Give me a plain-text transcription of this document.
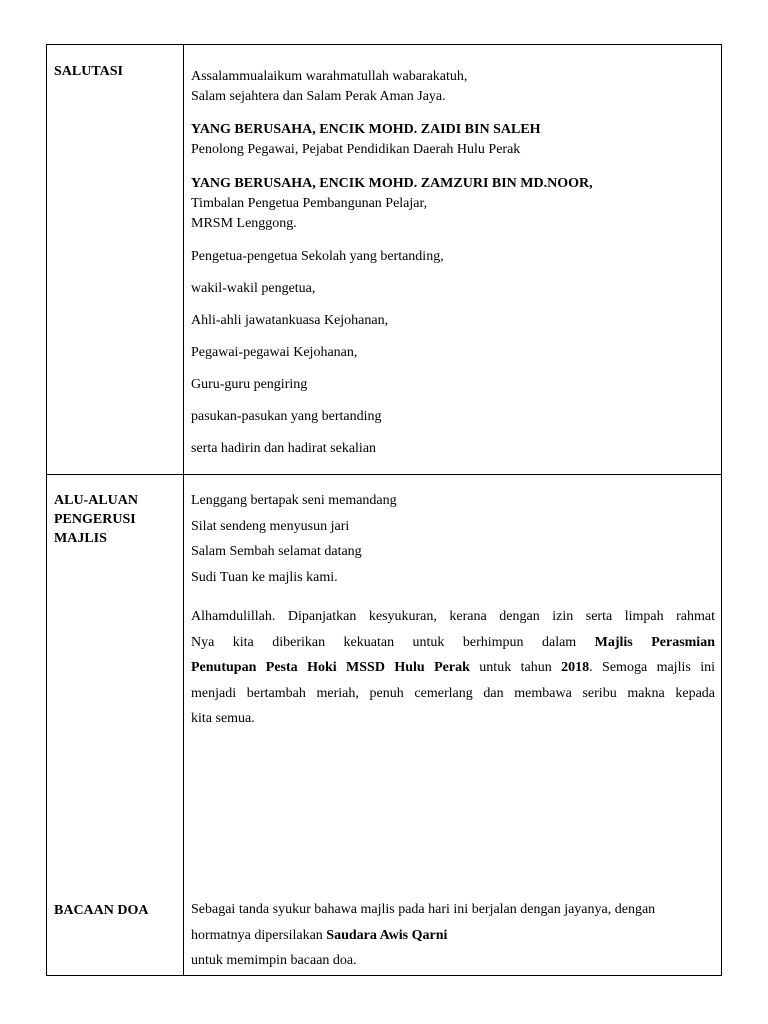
SALUTASI	Assalammualaikum warahmatullah wabarakatuh,

Salam sejahtera dan Salam Perak Aman Jaya.

YANG BERUSAHA, ENCIK MOHD. ZAIDI BIN SALEH

Penolong Pegawai, Pejabat Pendidikan Daerah Hulu Perak

YANG BERUSAHA, ENCIK MOHD. ZAMZURI BIN MD.NOOR,

Timbalan Pengetua Pembangunan Pelajar,

MRSM Lenggong.

Pengetua-pengetua Sekolah yang bertanding,

wakil-wakil pengetua,

Ahli-ahli jawatankuasa Kejohanan,

Pegawai-pegawai Kejohanan,

Guru-guru pengiring

pasukan-pasukan yang bertanding

serta hadirin dan hadirat sekalian

ALU-ALUAN
PENGERUSI
MAJLIS

Lenggang bertapak seni memandang

Silat sendeng menyusun jari

Salam Sembah selamat datang

Sudi Tuan ke majlis kami.

Alhamdulillah. Dipanjatkan kesyukuran, kerana dengan izin serta limpah rahmat
Nya kita diberikan kekuatan untuk berhimpun dalam Majlis Perasmian
Penutupan Pesta Hoki MSSD Hulu Perak untuk tahun 2018. Semoga majlis ini
menjadi bertambah meriah, penuh cemerlang dan membawa seribu makna kepada
kita semua.
BACAAN DOA	Sebagai tanda syukur bahawa majlis pada hari ini berjalan dengan jayanya, dengan

hormatnya dipersilakan Saudara Awis Qarni

untuk memimpin bacaan doa.
